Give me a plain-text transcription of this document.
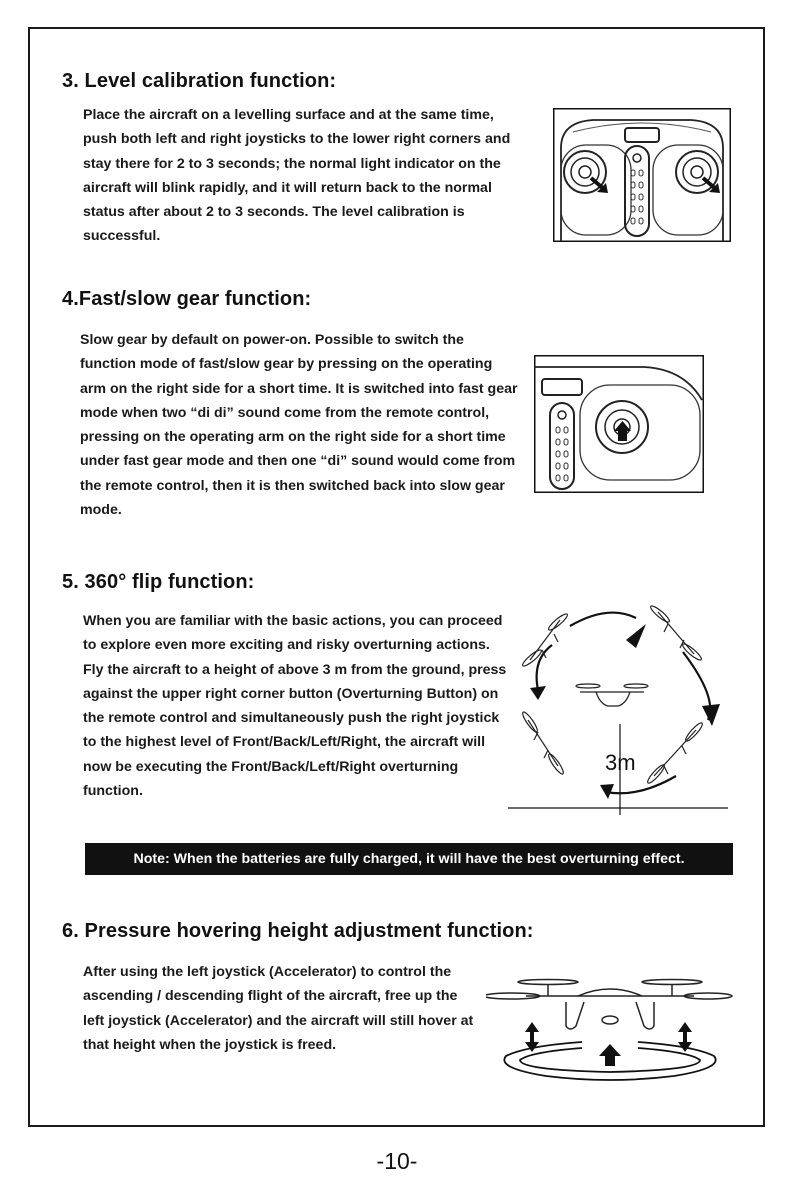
3. Level calibration function:

Place the aircraft on a levelling surface and at the same time, push both left and right joysticks to the lower right corners and stay there for 2 to 3 seconds; the normal light indicator on the aircraft will blink rapidly, and it will return back to the normal status after about 2 to 3 seconds. The level calibration is successful.

4.Fast/slow gear function:

Slow gear by default on power-on. Possible to switch the function mode of fast/slow gear by pressing on the operating arm on the right side for a short time. It is switched into fast gear mode when two “di di” sound come from the remote control, pressing on the operating arm on the right side for a short time under fast gear mode and then one “di” sound would come from the remote control, then it is then switched back into slow gear mode.

5. 360° flip function:

When you are familiar with the basic actions, you can proceed to explore even more exciting and risky overturning actions. Fly the aircraft to a height of above 3 m from the ground, press against the upper right corner button (Overturning Button) on the remote control and simultaneously push the right joystick to the highest level of Front/Back/Left/Right, the aircraft will now be executing the Front/Back/Left/Right overturning function.

3m
Note: When the batteries are fully charged, it will have the best overturning effect.
6. Pressure hovering height adjustment function:

After using the left joystick (Accelerator) to control the ascending / descending flight of the aircraft, free up the left joystick (Accelerator) and the aircraft will still hover at that height when the joystick is freed.

-10-
